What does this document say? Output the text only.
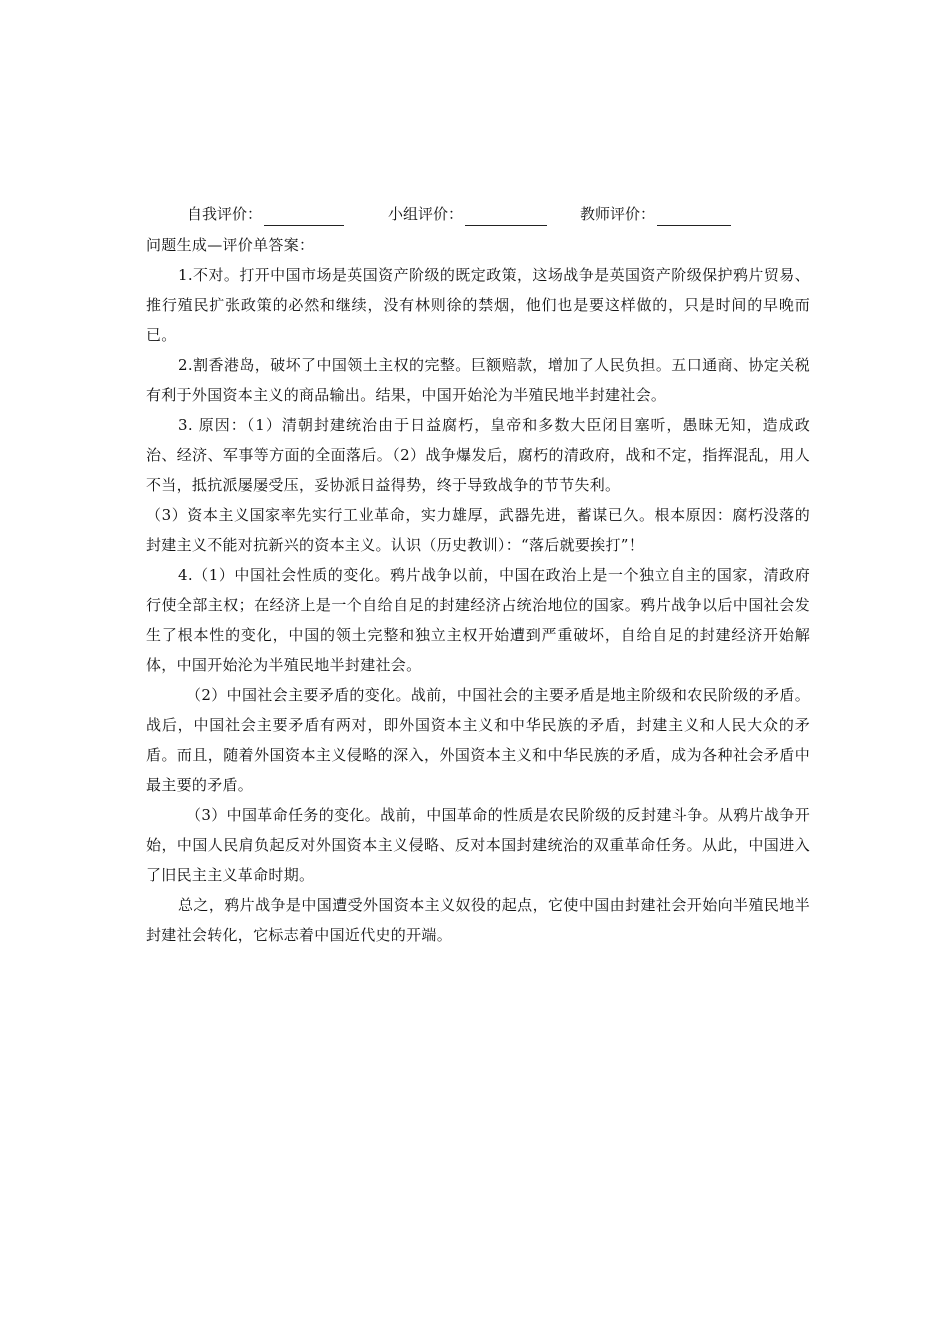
自我评价：	小组评价：	教师评价：

问题生成—评价单答案：

1.不对。打开中国市场是英国资产阶级的既定政策，这场战争是英国资产阶级保护鸦片贸易、推行殖民扩张政策的必然和继续，没有林则徐的禁烟，他们也是要这样做的，只是时间的早晚而已。

2.割香港岛，破坏了中国领土主权的完整。巨额赔款，增加了人民负担。五口通商、协定关税有利于外国资本主义的商品输出。结果，中国开始沦为半殖民地半封建社会。

3. 原因：（1）清朝封建统治由于日益腐朽，皇帝和多数大臣闭目塞听，愚昧无知，造成政治、经济、军事等方面的全面落后。（2）战争爆发后，腐朽的清政府，战和不定，指挥混乱，用人不当，抵抗派屡屡受压，妥协派日益得势，终于导致战争的节节失利。

（3）资本主义国家率先实行工业革命，实力雄厚，武器先进，蓄谋已久。根本原因：腐朽没落的封建主义不能对抗新兴的资本主义。认识（历史教训）：“落后就要挨打”！

4.（1）中国社会性质的变化。鸦片战争以前，中国在政治上是一个独立自主的国家，清政府行使全部主权；在经济上是一个自给自足的封建经济占统治地位的国家。鸦片战争以后中国社会发生了根本性的变化，中国的领土完整和独立主权开始遭到严重破坏，自给自足的封建经济开始解体，中国开始沦为半殖民地半封建社会。

（2）中国社会主要矛盾的变化。战前，中国社会的主要矛盾是地主阶级和农民阶级的矛盾。战后，中国社会主要矛盾有两对，即外国资本主义和中华民族的矛盾，封建主义和人民大众的矛盾。而且，随着外国资本主义侵略的深入，外国资本主义和中华民族的矛盾，成为各种社会矛盾中最主要的矛盾。

（3）中国革命任务的变化。战前，中国革命的性质是农民阶级的反封建斗争。从鸦片战争开始，中国人民肩负起反对外国资本主义侵略、反对本国封建统治的双重革命任务。从此，中国进入了旧民主主义革命时期。

总之，鸦片战争是中国遭受外国资本主义奴役的起点，它使中国由封建社会开始向半殖民地半封建社会转化，它标志着中国近代史的开端。
